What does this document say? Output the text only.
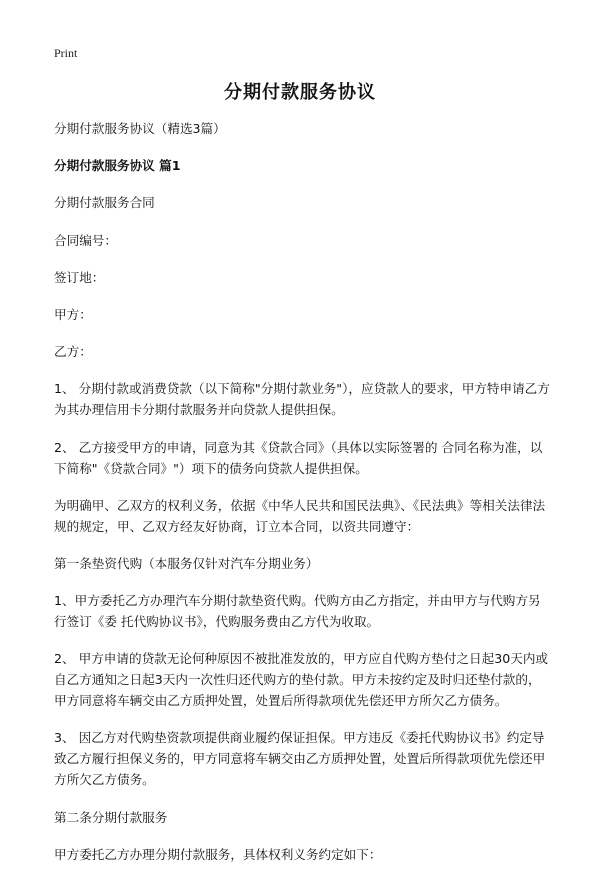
Print
分期付款服务协议

分期付款服务协议（精选3篇）

分期付款服务协议 篇1

分期付款服务合同

合同编号：

签订地：

甲方：

乙方：

1、 分期付款或消费贷款（以下简称"分期付款业务"），应贷款人的要求，甲方特申请乙方为其办理信用卡分期付款服务并向贷款人提供担保。

2、 乙方接受甲方的申请，同意为其《贷款合同》（具体以实际签署的 合同名称为准，以下简称"《贷款合同》"）项下的债务向贷款人提供担保。

为明确甲、乙双方的权利义务，依据《中华人民共和国民法典》、《民法典》等相关法律法规的规定，甲、乙双方经友好协商，订立本合同，以资共同遵守：

第一条垫资代购（本服务仅针对汽车分期业务）

1、甲方委托乙方办理汽车分期付款垫资代购。代购方由乙方指定，并由甲方与代购方另行签订《委 托代购协议书》，代购服务费由乙方代为收取。

2、 甲方申请的贷款无论何种原因不被批准发放的，甲方应自代购方垫付之日起30天内或自乙方通知之日起3天内一次性归还代购方的垫付款。甲方未按约定及时归还垫付款的，甲方同意将车辆交由乙方质押处置，处置后所得款项优先偿还甲方所欠乙方债务。

3、 因乙方对代购垫资款项提供商业履约保证担保。甲方违反《委托代购协议书》约定导致乙方履行担保义务的，甲方同意将车辆交由乙方质押处置，处置后所得款项优先偿还甲方所欠乙方债务。

第二条分期付款服务

甲方委托乙方办理分期付款服务，具体权利义务约定如下：
